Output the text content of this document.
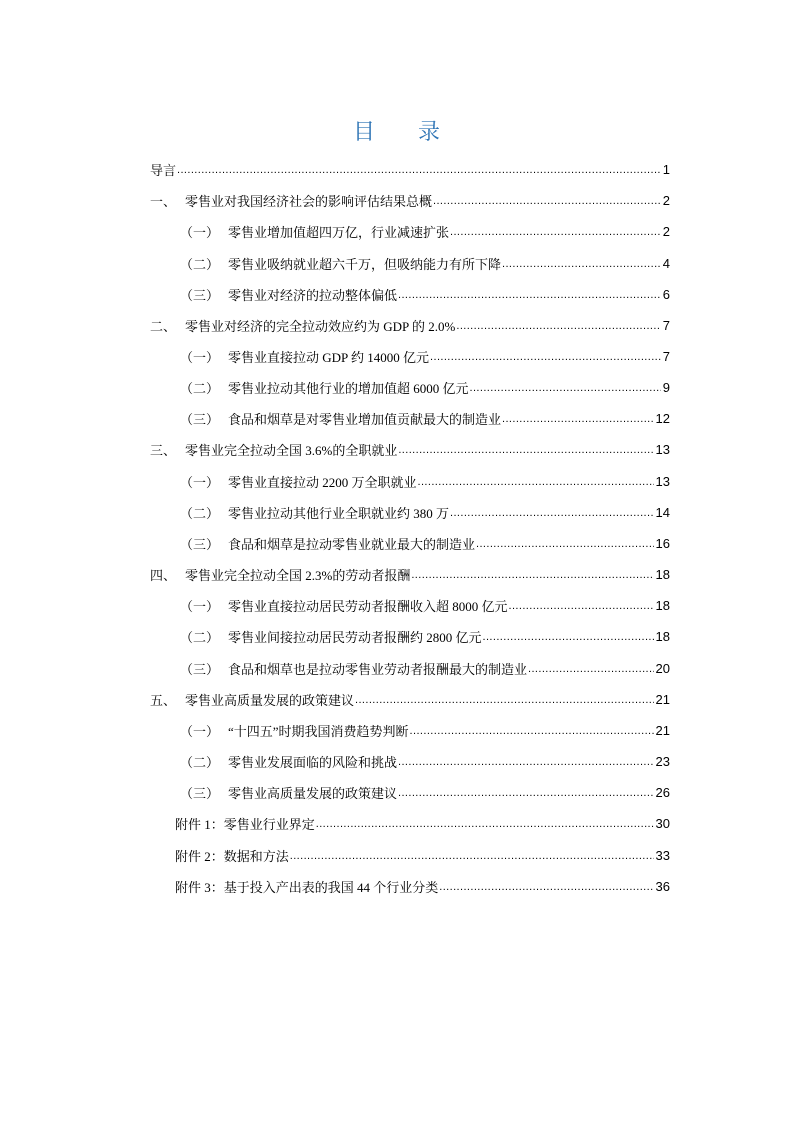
目 录
导言 .....	1
一、 零售业对我国经济社会的影响评估结果总概 .....	2
（一） 零售业增加值超四万亿，行业减速扩张 .....	2
（二） 零售业吸纳就业超六千万，但吸纳能力有所下降 .....	4
（三） 零售业对经济的拉动整体偏低 .....	6
二、 零售业对经济的完全拉动效应约为 GDP 的 2.0% .....	7
（一） 零售业直接拉动 GDP 约 14000 亿元 .....	7
（二） 零售业拉动其他行业的增加值超 6000 亿元 .....	9
（三） 食品和烟草是对零售业增加值贡献最大的制造业 .....	12
三、 零售业完全拉动全国 3.6%的全职就业 .....	13
（一） 零售业直接拉动 2200 万全职就业 .....	13
（二） 零售业拉动其他行业全职就业约 380 万 .....	14
（三） 食品和烟草是拉动零售业就业最大的制造业 .....	16
四、 零售业完全拉动全国 2.3%的劳动者报酬 .....	18
（一） 零售业直接拉动居民劳动者报酬收入超 8000 亿元 .....	18
（二） 零售业间接拉动居民劳动者报酬约 2800 亿元 .....	18
（三） 食品和烟草也是拉动零售业劳动者报酬最大的制造业 .....	20
五、 零售业高质量发展的政策建议 .....	21
（一） “十四五”时期我国消费趋势判断 .....	21
（二） 零售业发展面临的风险和挑战 .....	23
（三） 零售业高质量发展的政策建议 .....	26
附件 1：零售业行业界定 .....	30
附件 2：数据和方法 .....	33
附件 3：基于投入产出表的我国 44 个行业分类 .....	36
